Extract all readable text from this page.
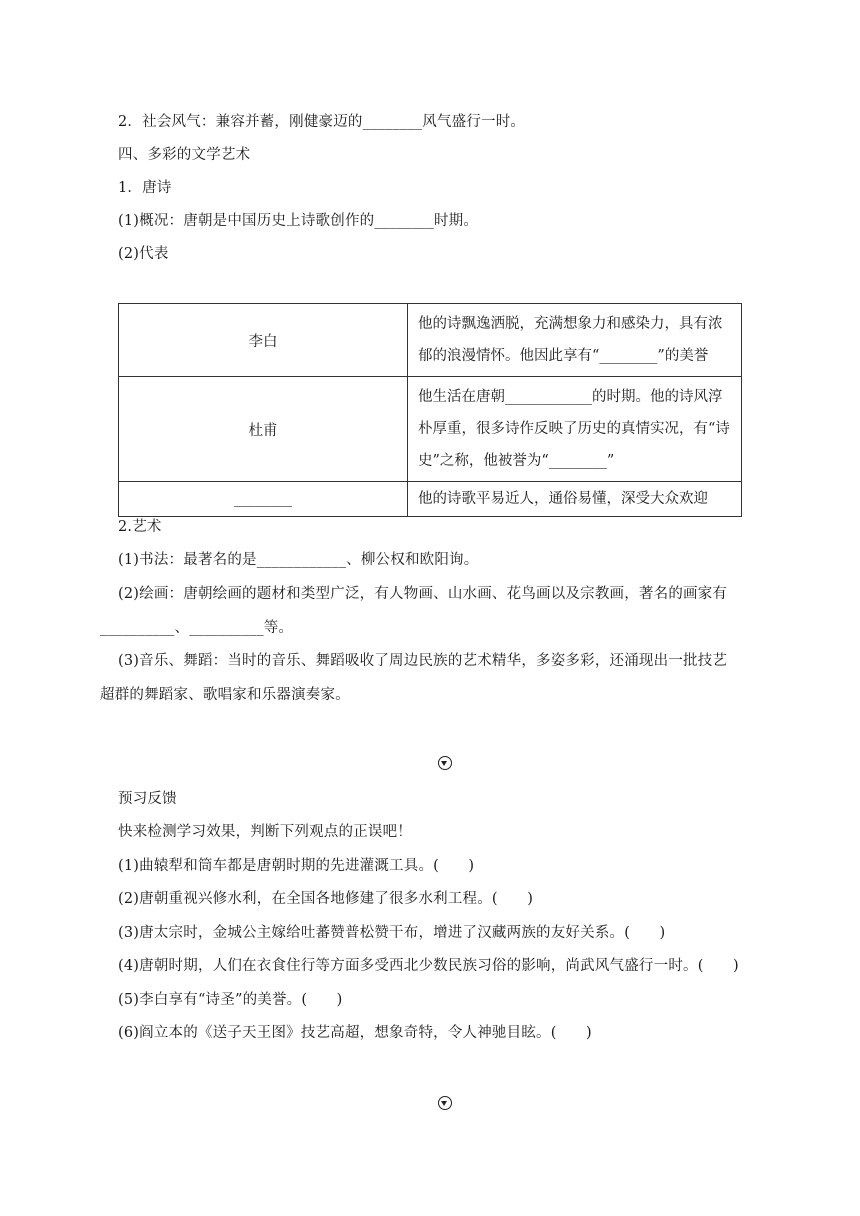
2．社会风气：兼容并蓄，刚健豪迈的________风气盛行一时。
四、多彩的文学艺术
1．唐诗
(1)概况：唐朝是中国历史上诗歌创作的________时期。
(2)代表
李白	他的诗飘逸洒脱，充满想象力和感染力，具有浓郁的浪漫情怀。他因此享有“________”的美誉
杜甫	他生活在唐朝____________的时期。他的诗风淳朴厚重，很多诗作反映了历史的真情实况，有“诗史”之称，他被誉为“________”
________	他的诗歌平易近人，通俗易懂，深受大众欢迎
2.艺术
(1)书法：最著名的是____________、柳公权和欧阳询。
(2)绘画：唐朝绘画的题材和类型广泛，有人物画、山水画、花鸟画以及宗教画，著名的画家有
__________、__________等。
(3)音乐、舞蹈：当时的音乐、舞蹈吸收了周边民族的艺术精华，多姿多彩，还涌现出一批技艺
超群的舞蹈家、歌唱家和乐器演奏家。
预习反馈
快来检测学习效果，判断下列观点的正误吧！
(1)曲辕犁和筒车都是唐朝时期的先进灌溉工具。(　　)
(2)唐朝重视兴修水利，在全国各地修建了很多水利工程。(　　)
(3)唐太宗时，金城公主嫁给吐蕃赞普松赞干布，增进了汉藏两族的友好关系。(　　)
(4)唐朝时期，人们在衣食住行等方面多受西北少数民族习俗的影响，尚武风气盛行一时。(　　)
(5)李白享有“诗圣”的美誉。(　　)
(6)阎立本的《送子天王图》技艺高超，想象奇特，令人神驰目眩。(　　)
